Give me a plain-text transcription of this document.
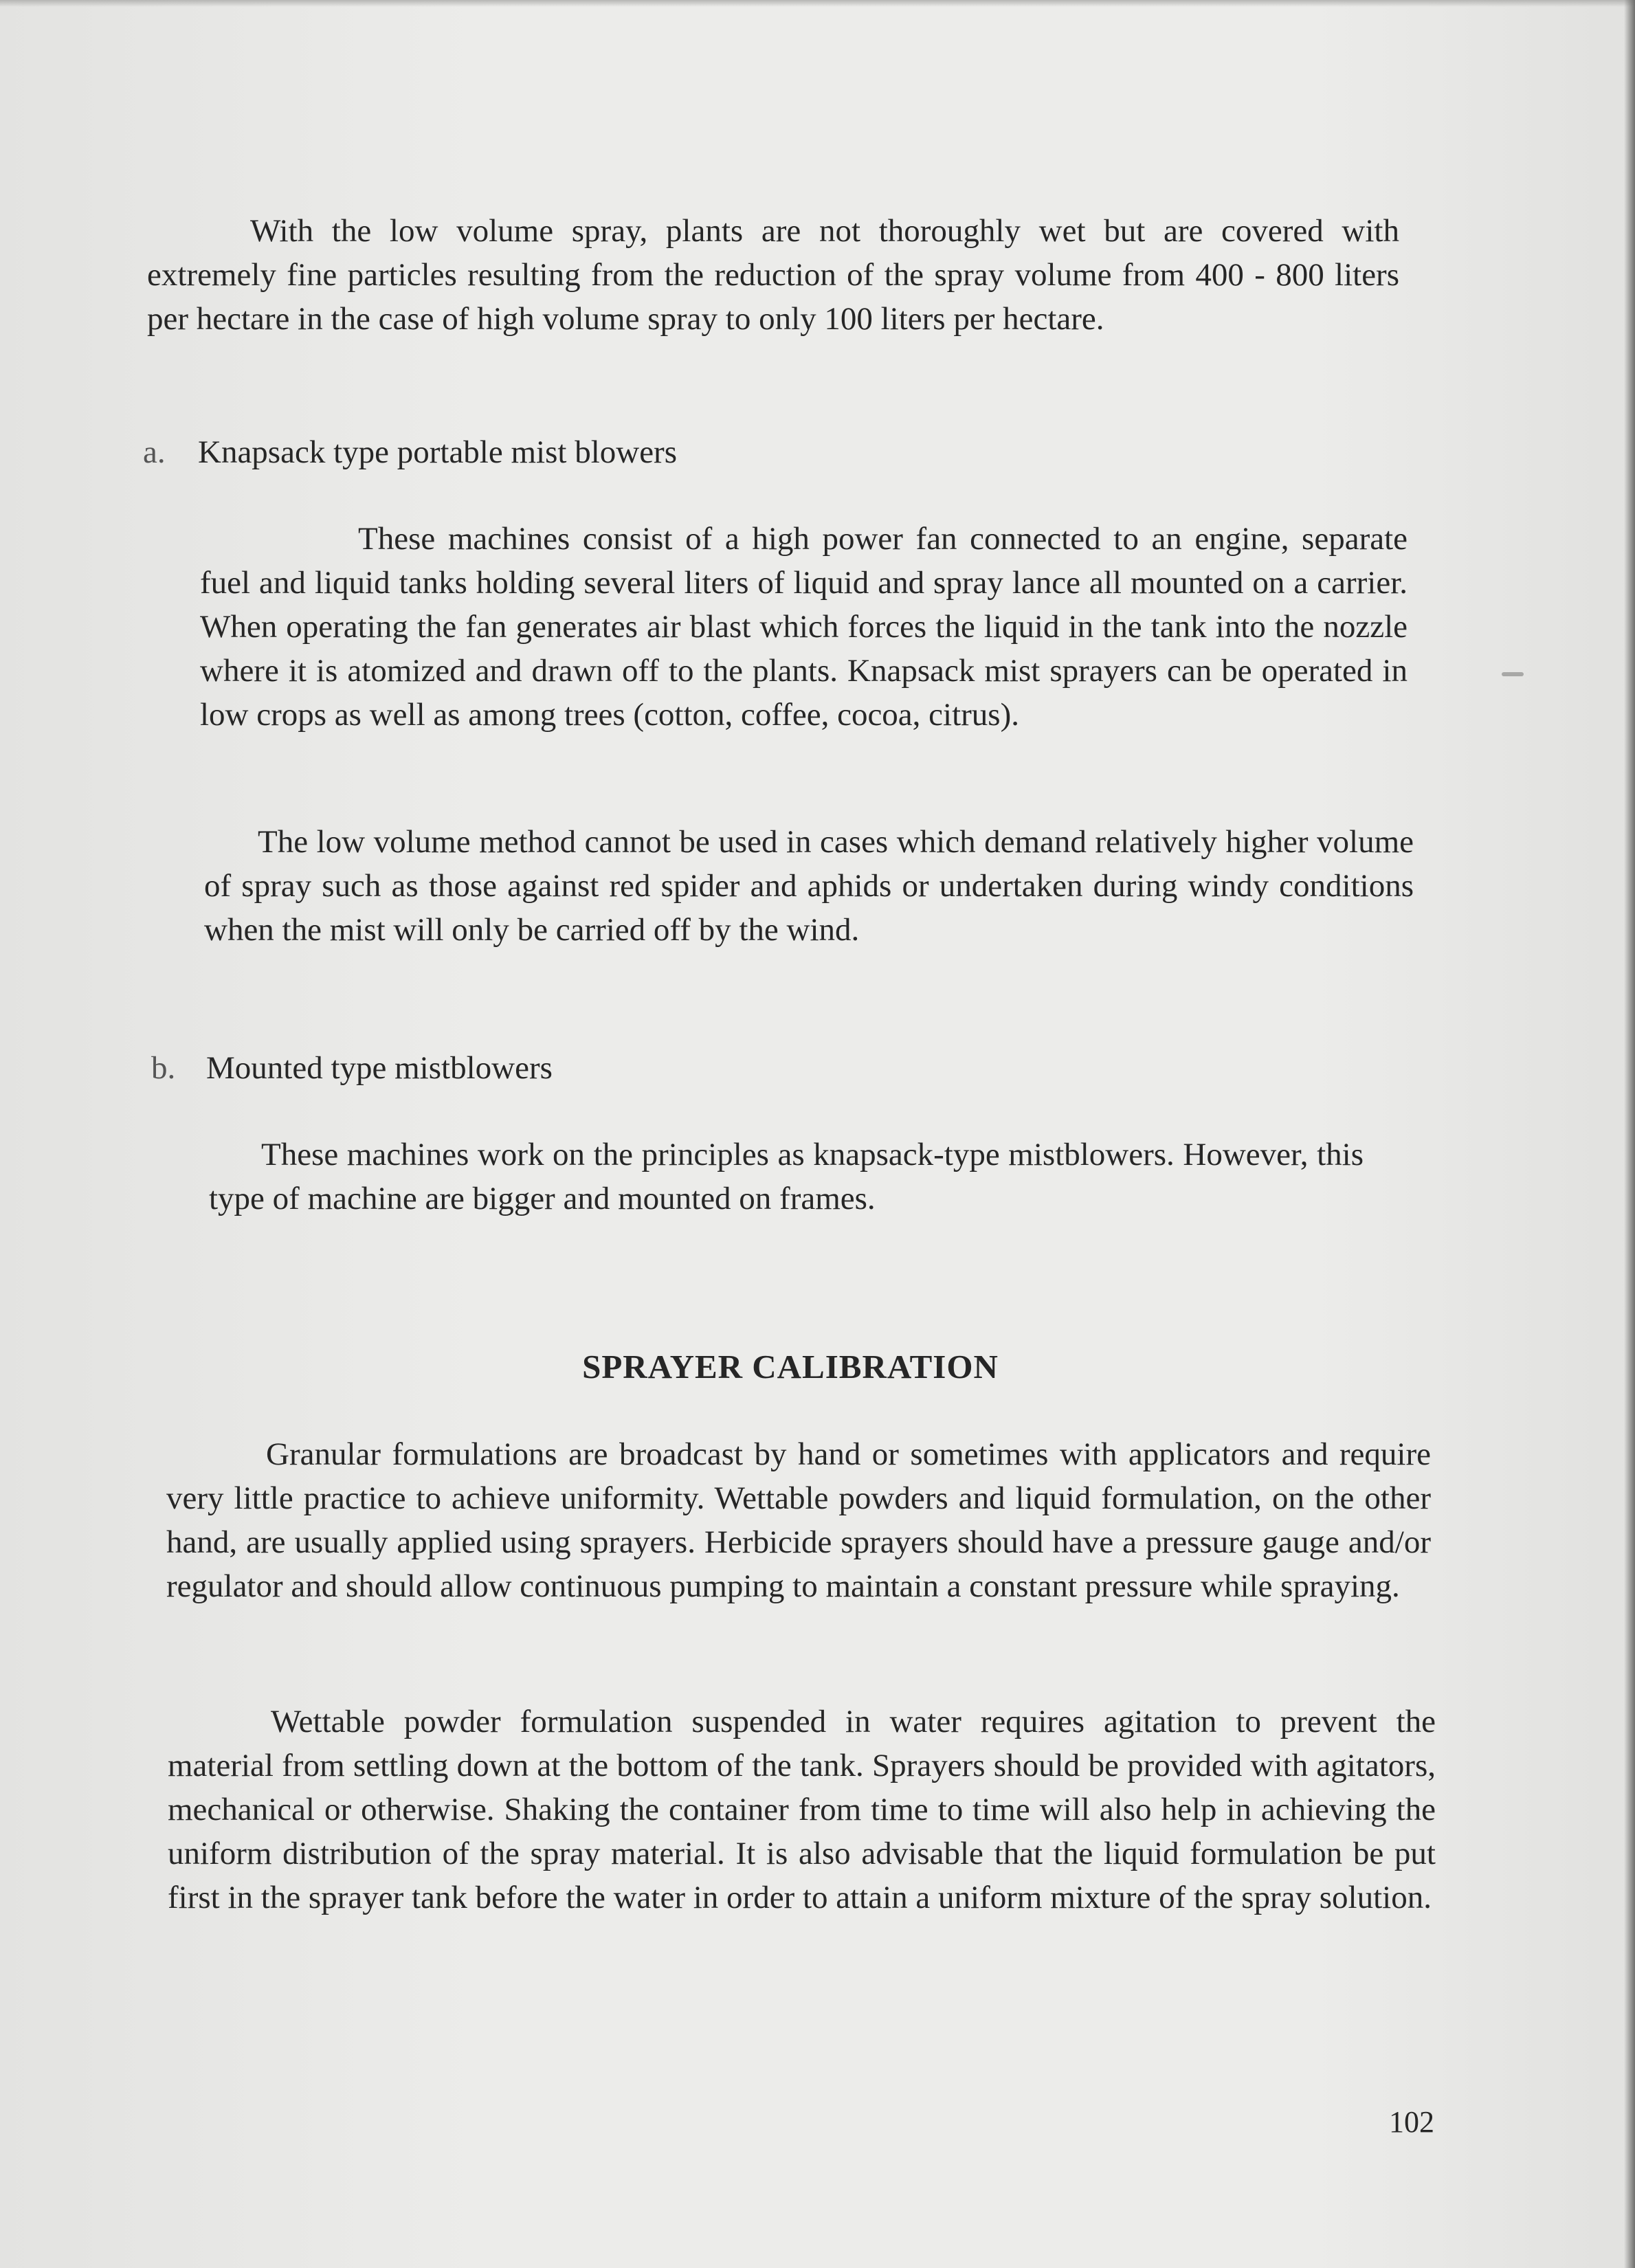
With the low volume spray, plants are not thoroughly wet but are covered with extremely fine particles resulting from the reduction of the spray volume from 400 - 800 liters per hectare in the case of high volume spray to only 100 liters per hectare.

a. Knapsack type portable mist blowers

These machines consist of a high power fan connected to an engine, separate fuel and liquid tanks holding several liters of liquid and spray lance all mounted on a carrier. When operating the fan generates air blast which forces the liquid in the tank into the nozzle where it is atomized and drawn off to the plants. Knapsack mist sprayers can be operated in low crops as well as among trees (cotton, coffee, cocoa, citrus).

The low volume method cannot be used in cases which demand relatively higher volume of spray such as those against red spider and aphids or undertaken during windy conditions when the mist will only be carried off by the wind.

b. Mounted type mistblowers

These machines work on the principles as knapsack-type mistblowers. However, this type of machine are bigger and mounted on frames.

SPRAYER CALIBRATION

Granular formulations are broadcast by hand or sometimes with applicators and require very little practice to achieve uniformity. Wettable powders and liquid formulation, on the other hand, are usually applied using sprayers. Herbicide sprayers should have a pressure gauge and/or regulator and should allow continuous pumping to maintain a constant pressure while spraying.

Wettable powder formulation suspended in water requires agitation to prevent the material from settling down at the bottom of the tank. Sprayers should be provided with agitators, mechanical or otherwise. Shaking the container from time to time will also help in achieving the uniform distribution of the spray material. It is also advisable that the liquid formulation be put first in the sprayer tank before the water in order to attain a uniform mixture of the spray solution.

102
